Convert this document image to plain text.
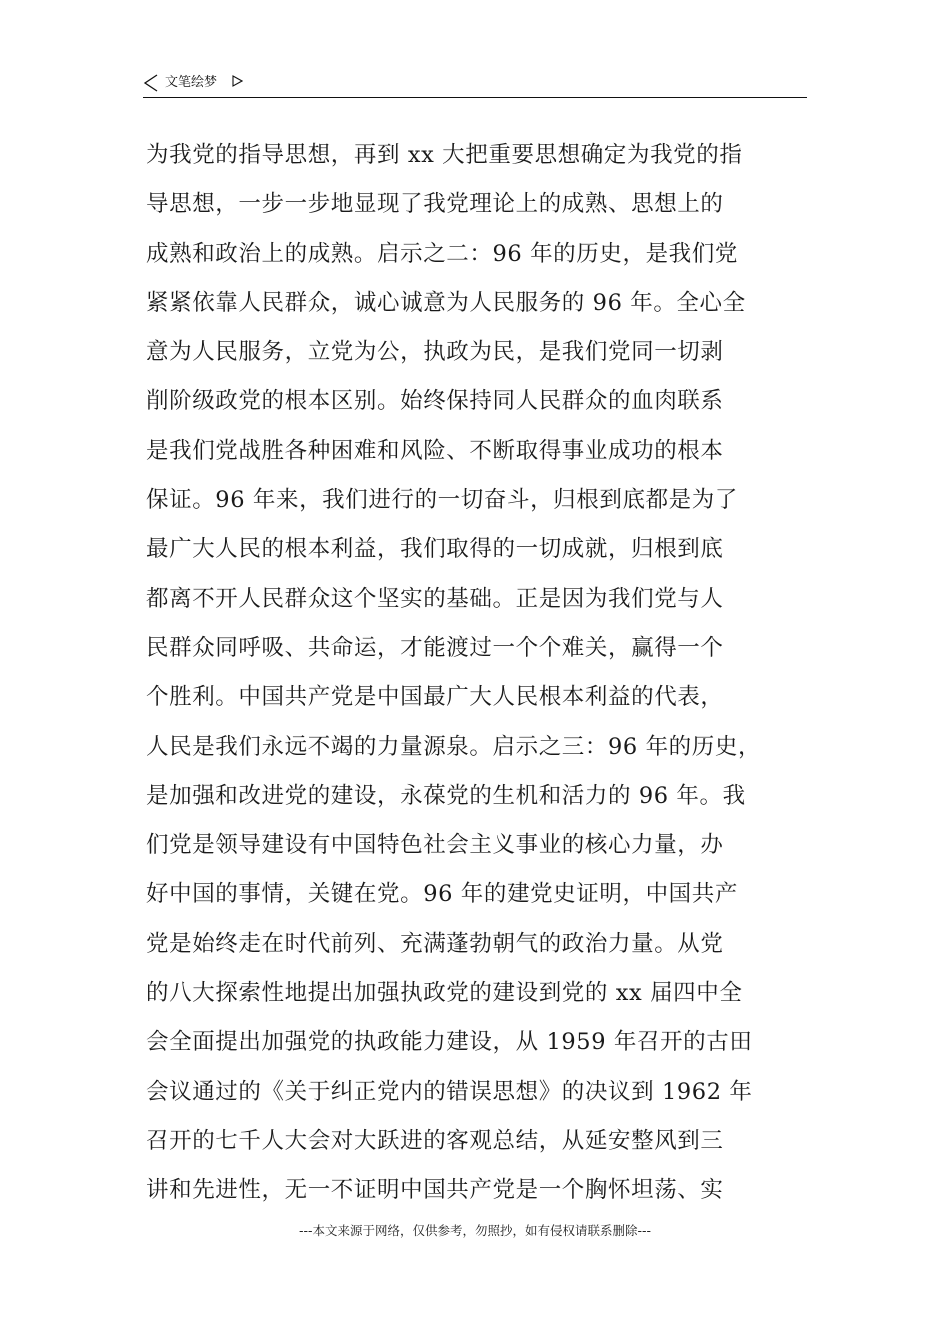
文笔绘梦
为我党的指导思想，再到 xx 大把重要思想确定为我党的指
导思想，一步一步地显现了我党理论上的成熟、思想上的
成熟和政治上的成熟。启示之二：96 年的历史，是我们党
紧紧依靠人民群众，诚心诚意为人民服务的 96 年。全心全
意为人民服务，立党为公，执政为民，是我们党同一切剥
削阶级政党的根本区别。始终保持同人民群众的血肉联系
是我们党战胜各种困难和风险、不断取得事业成功的根本
保证。96 年来，我们进行的一切奋斗，归根到底都是为了
最广大人民的根本利益，我们取得的一切成就，归根到底
都离不开人民群众这个坚实的基础。正是因为我们党与人
民群众同呼吸、共命运，才能渡过一个个难关，赢得一个
个胜利。中国共产党是中国最广大人民根本利益的代表，
人民是我们永远不竭的力量源泉。启示之三：96 年的历史，
是加强和改进党的建设，永葆党的生机和活力的 96 年。我
们党是领导建设有中国特色社会主义事业的核心力量，办
好中国的事情，关键在党。96 年的建党史证明，中国共产
党是始终走在时代前列、充满蓬勃朝气的政治力量。从党
的八大探索性地提出加强执政党的建设到党的 xx 届四中全
会全面提出加强党的执政能力建设，从 1959 年召开的古田
会议通过的《关于纠正党内的错误思想》的决议到 1962 年
召开的七千人大会对大跃进的客观总结，从延安整风到三
讲和先进性，无一不证明中国共产党是一个胸怀坦荡、实
---本文来源于网络，仅供参考，勿照抄，如有侵权请联系删除---
